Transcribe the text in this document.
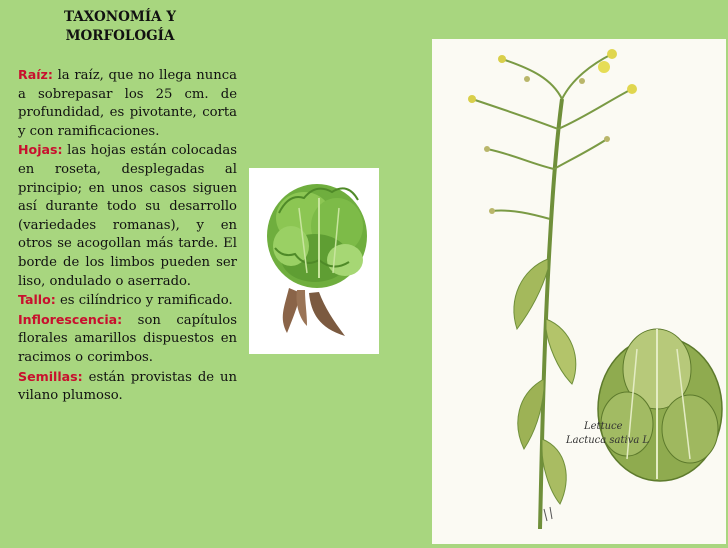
TAXONOMÍA Y
MORFOLOGÍA

Raíz: la raíz, que no llega nunca a sobrepasar los 25 cm. de profundidad, es pivotante, corta y con ramificaciones.

Hojas: las hojas están colocadas en roseta, desplegadas al principio; en unos casos siguen así durante todo su desarrollo (variedades romanas), y en otros se acogollan más tarde. El borde de los limbos pueden ser liso, ondulado o aserrado.

Tallo: es cilíndrico y ramificado.

Inflorescencia: son capítulos florales amarillos dispuestos en racimos o corimbos.

Semillas: están provistas de un vilano plumoso.

Lettuce
Lactuca sativa L
